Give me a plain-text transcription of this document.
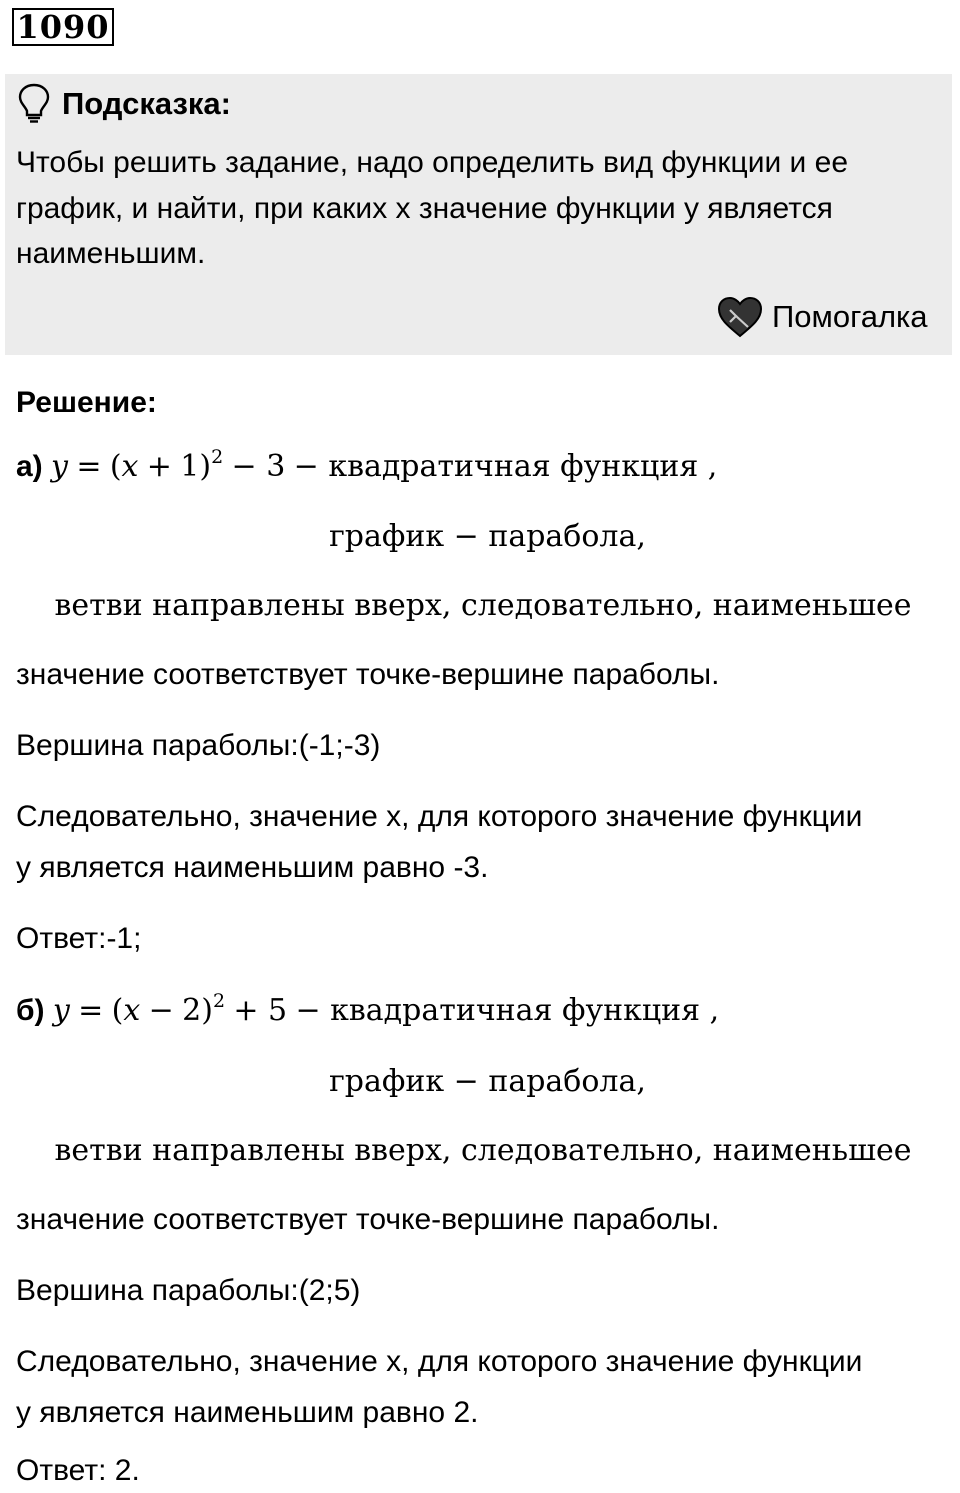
1090
Подсказка:
Чтобы решить задание, надо определить вид функции и ее график, и найти, при каких x значение функции y является наименьшим.
Помогалка
Решение:
а) $y = (x + 1)^2 - 3$ − квадратичная функция ,
график − парабола,
ветви направлены вверх, следовательно, наименьшее
значение соответствует точке-вершине параболы.
Вершина параболы:(-1;-3)
Следовательно, значение x, для которого значение функции
y является наименьшим равно -3.
Ответ:-1;
б) $y = (x - 2)^2 + 5$ − квадратичная функция ,
график − парабола,
ветви направлены вверх, следовательно, наименьшее
значение соответствует точке-вершине параболы.
Вершина параболы:(2;5)
Следовательно, значение x, для которого значение функции
y является наименьшим равно 2.
Ответ: 2.
